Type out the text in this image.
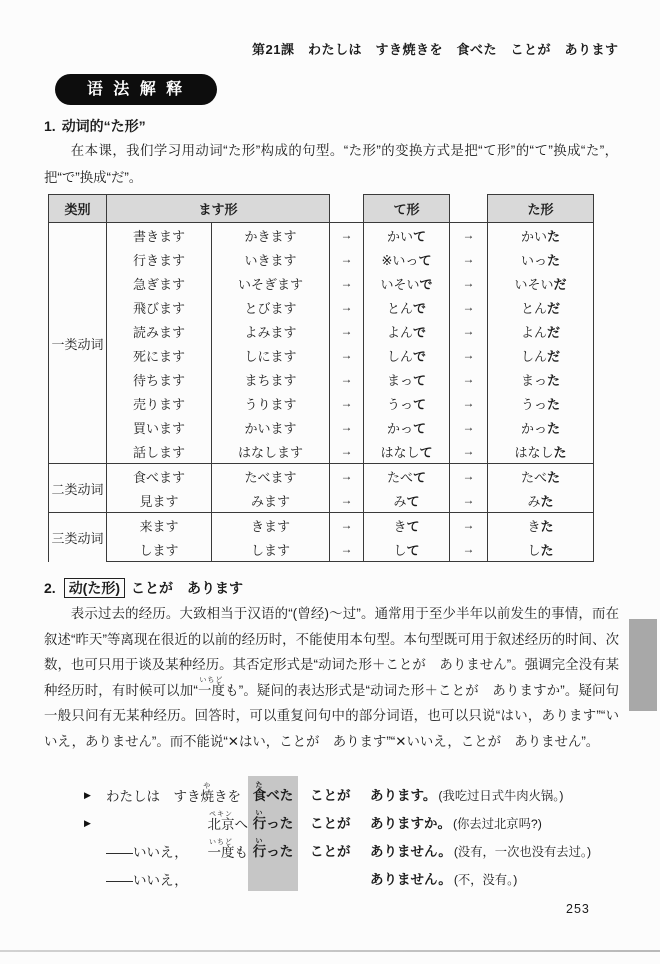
第21課　わたしは　すき焼きを　食べた　ことが　あります
语 法 解 释
1. 动词的“た形”

在本课，我们学习用动词“た形”构成的句型。“た形”的变换方式是把“て形”的“て”换成“た”，把“で”换成“だ”。

类别	ます形			て形		た形
一类动词	書きます	かきます	→	かいて	→	かいた
	行きます	いきます	→	※いって	→	いった
	急ぎます	いそぎます	→	いそいで	→	いそいだ
	飛びます	とびます	→	とんで	→	とんだ
	読みます	よみます	→	よんで	→	よんだ
	死にます	しにます	→	しんで	→	しんだ
	待ちます	まちます	→	まって	→	まった
	売ります	うります	→	うって	→	うった
	買います	かいます	→	かって	→	かった
	話します	はなします	→	はなして	→	はなした
二类动词	食べます	たべます	→	たべて	→	たべた
	見ます	みます	→	みて	→	みた
三类动词	来ます	きます	→	きて	→	きた
	します	します	→	して	→	した
2. 动(た形) ことが　あります

表示过去的经历。大致相当于汉语的“(曾经)～过”。通常用于至少半年以前发生的事情，而在叙述“昨天”等离现在很近的以前的经历时，不能使用本句型。本句型既可用于叙述经历的时间、次数，也可只用于谈及某种经历。其否定形式是“动词た形＋ことが　ありません”。强调完全没有某种经历时，有时候可以加“一度いちども”。疑问的表达形式是“动词た形＋ことが　ありますか”。疑问句一般只问有无某种经历。回答时，可以重复问句中的部分词语，也可以只说“はい，あります”“いいえ，ありません”。而不能说“✕はい，ことが　あります”“✕いいえ，ことが　ありません”。

▶	わたしは　すき 焼や
きを 食た
べた	ことが	あります。 (我吃过日式牛肉火锅。)
▶	北京ペキン
へ 行い
った	ことが	ありますか。 (你去过北京吗?)
——いいえ， 一度いちども 行い
った	ことが	ありません。 (没有，一次也没有去过。)
——いいえ，	ありません。 (不，没有。)
253
